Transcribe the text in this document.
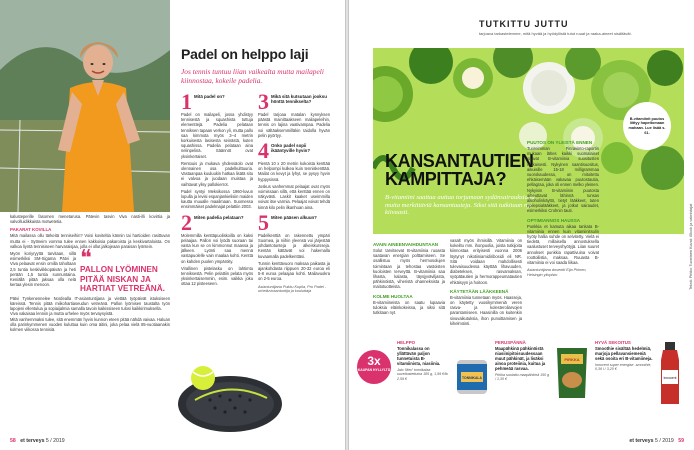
Padel on helppo laji
Jos tennis tuntuu liian vaikealta mutta mailapeli kiinnostaa, kokeile padelia.
kalusteperille fasomen menetarusa. Pätevin tasvin Viva nasti-illi kovirtia ja valvolluidikkaista motwetetia.
PAKARAT KOVILLA
Mitä mailassa ollu tärkeitä tenniseihin? Voisi koviteltia kännin tai hartioiden rasittuvan mutta ei - Sytmeim vomma tulee ennen kakkoisia pakaroista ja keskivartaloista. On valkoa liyntä tennisiseen harvaraisjaa, jolla ei ollut jalkojeaan paraisan lyöntein.
Myön koriyryyttä tarvitaan, sillä esimerkiksi SM-Sigama Pätvi ja Viva pelaavat ensin omilla taholtaan 2,5 tuntia keskiviikkopäivän ja heti perään 1,5 tuntia sunnuntaina. Keniällä pitää jaksaa olla nelä kertaa ylesin menoon.
❝
PALLON LYÖMINEN PITÄÄ NISKAN JA HARTIAT VETREÄNÄ.
Pätvi Tynkenennelee Nordealla IT-asiantuntijana ja viettää työpäivät istuksiseen käreissä. Tennis pitää miikohartiaseudun vetreänä. Pallon lyömisen taustalta työn lapojeni ellentulua ja sopiaijalmia samalla tavoin kaikissiseen tulosi kaikkirimuksella.
Viva vakaisaa lenniin ja mutta urhelee myös tervaysyistä.
Mitä vanhemmaksi tulee, sitä enemmän hyvin kunnon eteen pitää nähdä vaivaa. Haluan olla parinkymmenen vuoden kuluttua kuin oma äitini, joka pelaa vielä 85-vuotiaanakin kolmen viikossa tennisiä.
1 Mitä padel on?
Padel on mailapeli, jossa yhdistyy tennisestä ja squashista tuttuja elementtejä. Padelia pelataan tenniksen tapaan verkon yli, mutta pallo saa kimmota myös 3–4 metrin korkuisesta lasisesta seinästä, kuten squashissa. Padelia pelataan aina nelinpelinä. Säännöt ovat yksinkertaiset.
Rentouis ja mukava yhdessäolo ovat olennainen osa padelkulttuuria. Vastaanpaa kuuluukin hatkaa lisätä situ ei valvoa ja juodaan muistaa ja vaihtavat ylisy pallokierrot.
Padel syntyi Meksikossa 1960-luvun lopulla ja levisi espanjankielisiin maiden kautta muualle maailmaan. Suomessa ensimmäiset padelmajat pelattiin 2003.
2 Miten padelia pelataan?
Molemmilla kenttäpuoliskoilla on kaksi pelaajaa. Pallon voi lyödä suoraan tai vasta kun se on kimmonnut maassa ja jälkeen. Lyönti saa mennä vastapuolelle vain maalaa kohti. Kenttä on kahden puolen ympäröity.
Virallinen pistelasku on lahtimtu tenniksestä. Pelin pelattiin pelata myös yksinkertaisemmin, esim. vaikka joku ottaa 12 pisteeseen.
3 Mikä sitä kutsutaan jooksu hönttä tennikselta?
Padel tarjoaa matalan kynnyksen päästä mainittaakseen mailapeleihin, tennis on lajina vaativampaa. Padelia voi vältäaksemmilläkin taidolla hyvän pelin pyörtyy.
4 Onko padel sopii ikääntyville hyvin?
Pientä 10 x 20 metrin kokoista kenttää on helpompi kulkea kuin tenniskenttää. Mailat on kevyt ja lyhyt, se pysyy hyvin hyppysissä.
Joskus vanhemmat pelaajat ovat myös voimissaan sillä, että kenttää ennen on näkyvästi. Laskit kaaket useimmilla voivat itse varmia. Pelaajat voivat tehdä kinnä kilo pelin ilkanhuan aina.
5 Miten pääsen alkuun?
Padelkenttiä on rakennettu ympäri Suomea, ja niihin yleensä voi järjestää johdantotunteja ja alkeiskursseja. Kentän kättävät voi hakemalla kuvaamalla padelkenttäsi.
Tunnin kenttävuoro maksaa paikasta ja ajankohdasta riippuen 20-32 euroa eli 5-8 euroa pelaajaa kohti. Mailavuokra on 2-5 euroa.
Asiantuntijana Pukku Kupila, Pro Padel -urheiluviraantuntija ja kouluttaja
58 et terveys 5 / 2019
TUTKITTU JUTTU
tarjoava tarkastelemme, mitä hyvää ja hyödyllistä tutut ruuat ja raaka-aineet sisältävät.
B-vitamiinit puutos liittyy hapettomaan mahaan. Lue lisää s. 61.
KANSANTAUTIEN KAMPITTAJA?
B-vitamiini saattaa auttaa torjumaan sydänsairauksia ja muita merkittäviä kansantauteja. Siksi sitä tutkitaan nyt kiivaasti.
AVAIN AINEENVAIHDUNTAAN
Solut tarvitsevat B-vitamiinia ruoasta saatavan energian polttamiseen. Se osallistuu myös hermosolujen toimintaan ja tehostaa vastoisten kuoloisten terveyttä. B-vitamiinia saa lihasta, kalasta, täysjyväviljasta, pähkinöistä, viheristä ohanneksista ja maitotuotteista.
KOLME HUOLTAA
B-vitamiineista on saatu lupaavia tuloksia eläinkokeissa, ja siksi sitä tutkitaan nyt.
vasalt myös ihmisillä. Vitamiinia on kokeiltu mm. ihonpuolia, joista tutkijoita kiinnostaa erityisesti vuonna 2006 löytynyt nikotiiniamidiribosidi eli NR. Sitä voidaan mahdollisesti tulevaisuudessa käyttää lihavuuden, diabeteksen, rasvamaksan, syöpätautien ja hermorappeumatautien ehkäisyyn ja hoitoon.
KÄYTETÄÄN LÄÄKKEENÄ
B-vitamiinia tunnetaan myös. Haasseja, on käytetty vuosikymmeniä veren rasva- ja kolesteroliarvojen parantamiseen. Haasinilla on kuitenkin sivuvaikutuksia, ihon punoittamisen ja kihelmöinti.
PUUTOS ON YLEISTÄ ENNEN
Tuoreimman Finravinto-raportin mukaan lähes kaikki suomalaiset saavat B-vitamiinia suositusten mukaisesti. Nykyinen saantisuositus, aikuisille 15-18 milligrammaa vuorokaudessa, on mitoitettu ehkäisemään vakavaa puutostautia, pellagraa, joka oli ennen melko yleinen. Nykyisin B-vitamiinin puutosta aiheuttavat lähinnä runsas alkoholinkäyttö, tietyt lääkkeet, tuten epilepsialääkkeet, ja jotkut sairaudet, esimerkiksi Crohnin tauti.
OPTIMIANNOS HAUSSA
Punkkia et kamuta aikaa tankata B-vitamiinia ennen kuin vitamiinitsulin hyöty hallia suhde on selvitetty. Vielä ei tiedetä, millaisella annostuksella vaalustuset terveyshyötyjä. Liian suuret annokset punkkia rapattivuina voivat roottoilistia, maksaa. Ruuasta B-vitamiinia ei voi saada liikaa.
Asiantuntijana dosentti Eija Pirinen, Helsingin yliopisto	Teksti: Pirkko Tuominen Kuvat: iStock ja valmistajat
3x
KAUPAN HYLLYLTÄ
HELPPO
Tonnikalassa on yllättävän paljon tunnetuista B-vitamiinista, niasiinia.
Jalo 'Meri' tonnikalaa uuveitustettuina 185 g, 1,99 €/tk 2,59 €	TONNIKALA
PERUSPÄNNÄ
Maapähkinä pähkinöistä niasiinipitoisuudessaan muut pähkinät, ja lisäksi ainoa proteiinia, kuitua ja pehmeää rasvaa.
Pirkka suolattu maapähkinä 150 g / 1,30 €
PIRKKA
HYVÄ SEKOITUS
Smoothie sisältää hedelmiä, marjoja pellavansiemeniä sekä osoita eri B-vitamiineja.
Innocent super energise -smoothie, 0,36 l / 3,20 €
innocent
et terveys 5 / 2019 59
